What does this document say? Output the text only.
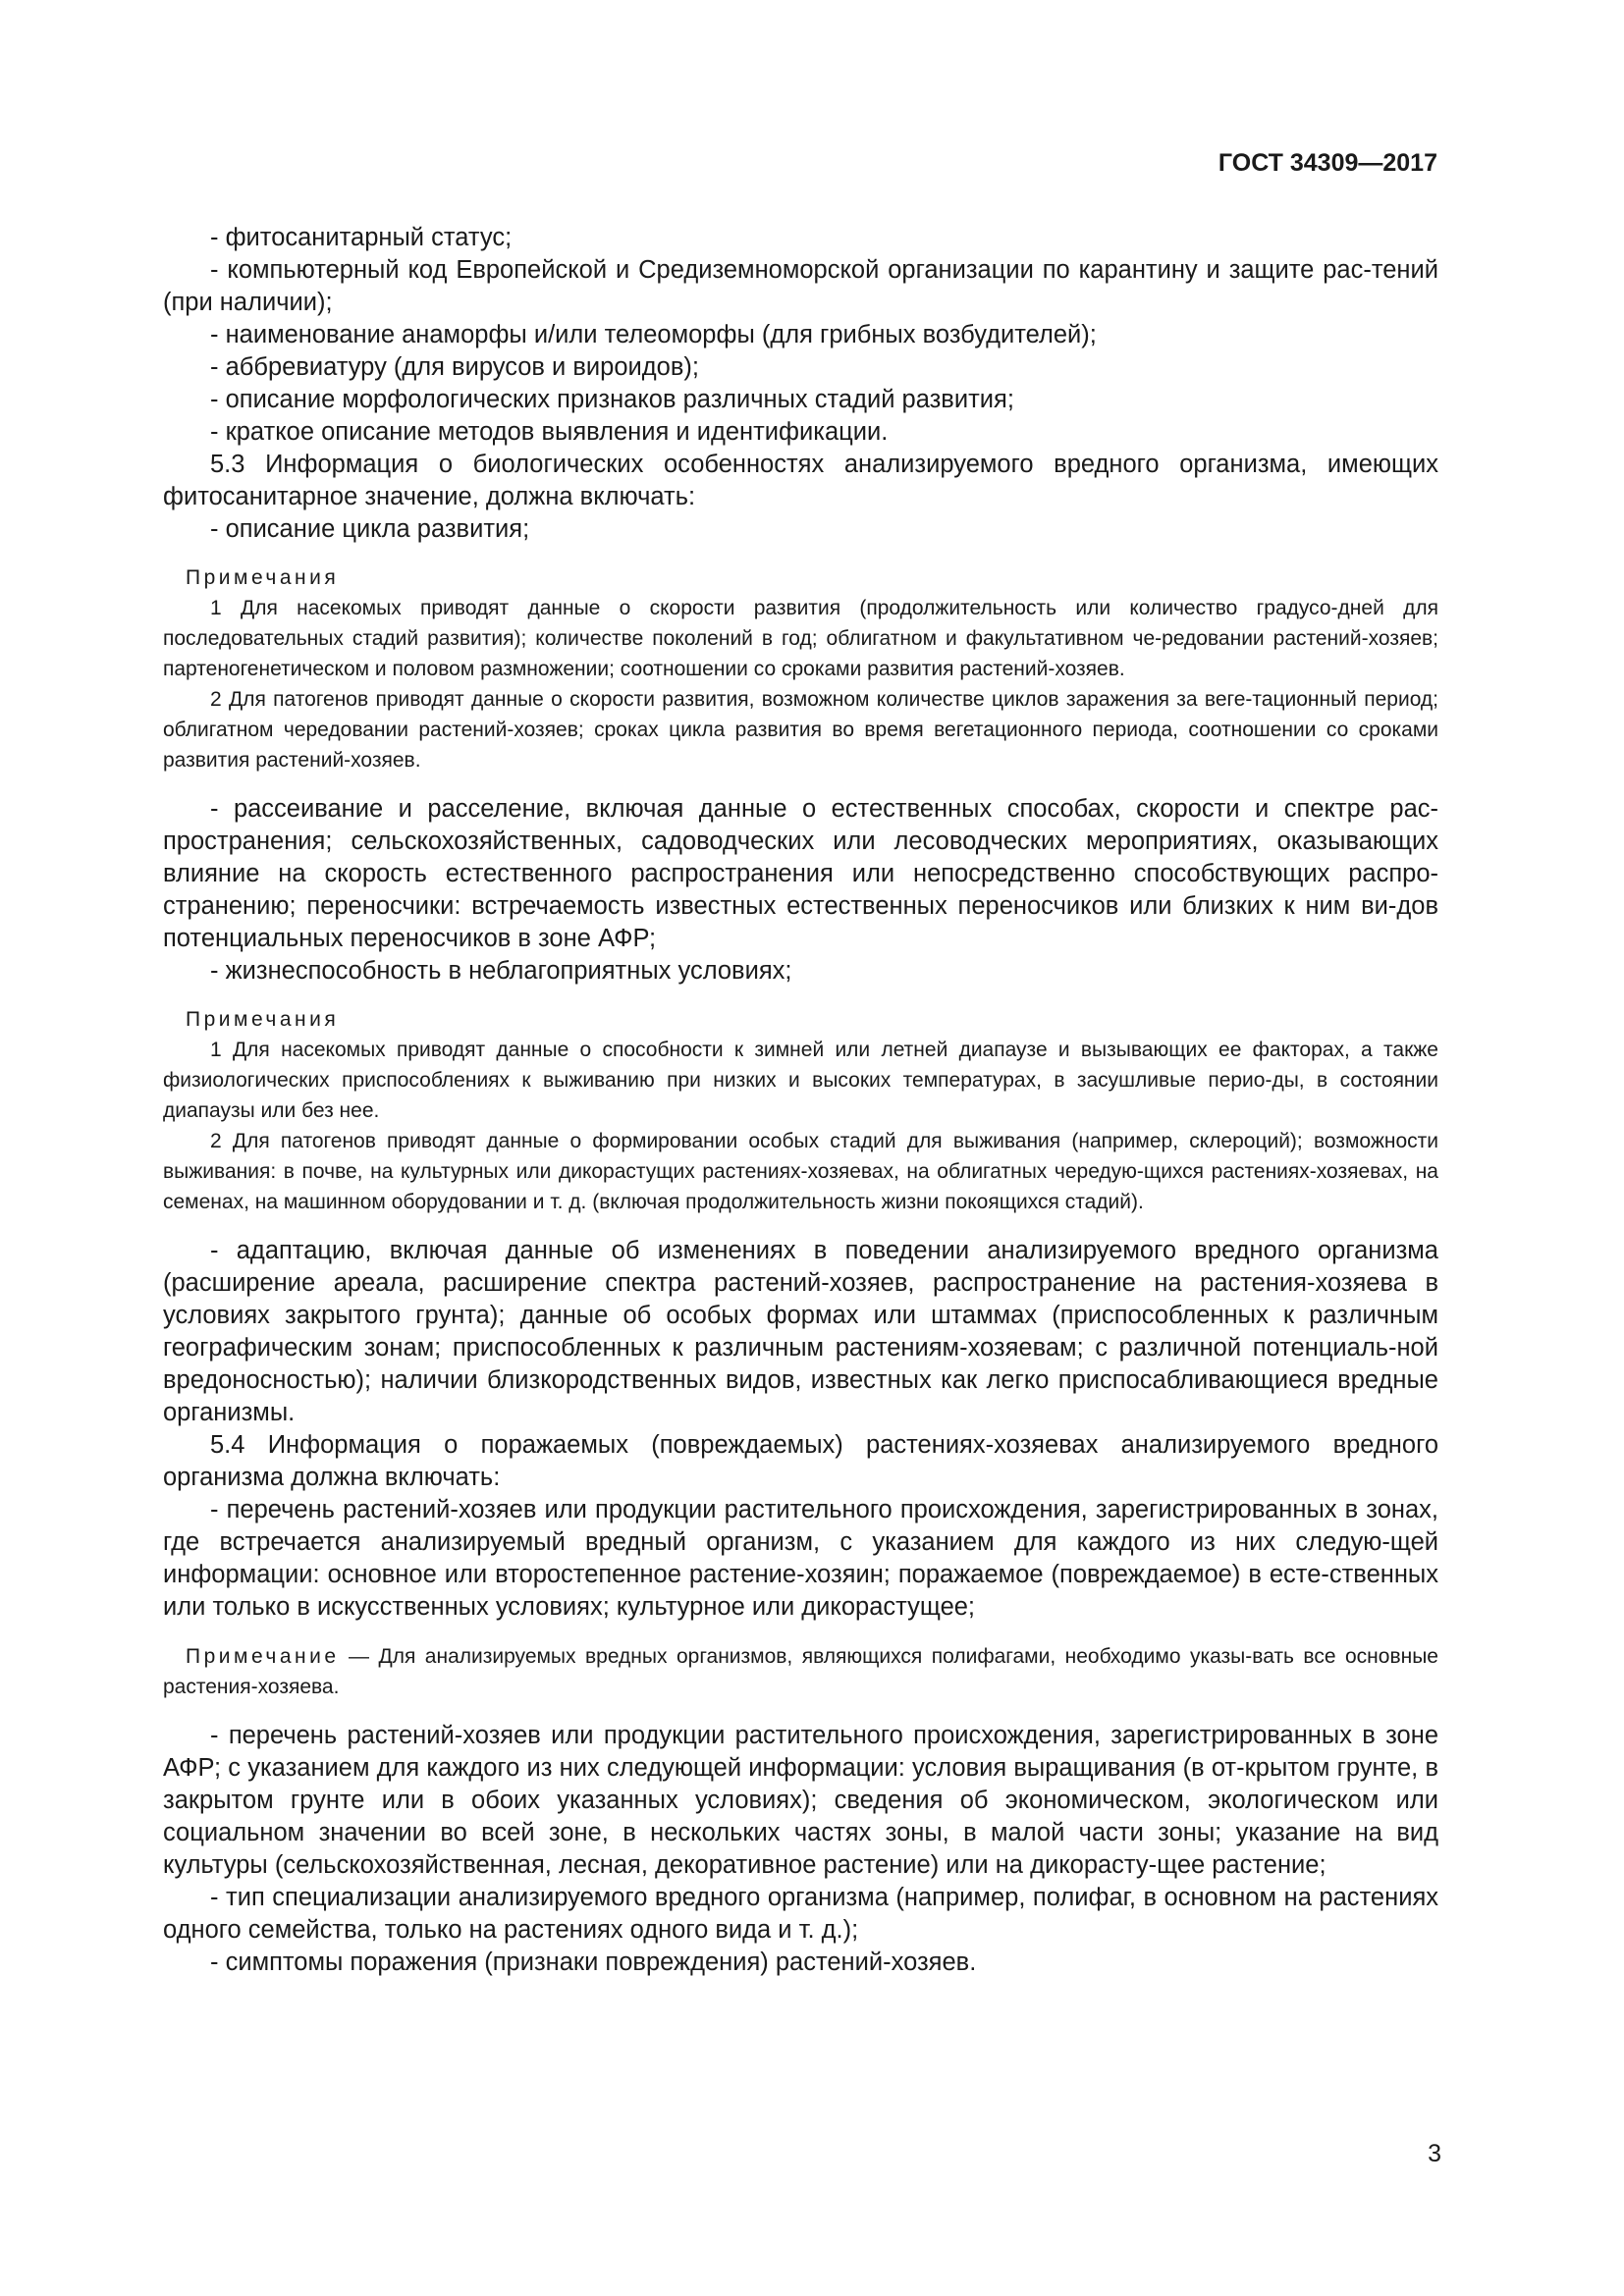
ГОСТ 34309—2017

- фитосанитарный статус;

- компьютерный код Европейской и Средиземноморской организации по карантину и защите рас-тений (при наличии);

- наименование анаморфы и/или телеоморфы (для грибных возбудителей);

- аббревиатуру (для вирусов и вироидов);

- описание морфологических признаков различных стадий развития;

- краткое описание методов выявления и идентификации.

5.3 Информация о биологических особенностях анализируемого вредного организма, имеющих фитосанитарное значение, должна включать:

- описание цикла развития;

Примечания

1 Для насекомых приводят данные о скорости развития (продолжительность или количество градусо-дней для последовательных стадий развития); количестве поколений в год; облигатном и факультативном че-редовании растений-хозяев; партеногенетическом и половом размножении; соотношении со сроками развития растений-хозяев.

2 Для патогенов приводят данные о скорости развития, возможном количестве циклов заражения за веге-тационный период; облигатном чередовании растений-хозяев; сроках цикла развития во время вегетационного периода, соотношении со сроками развития растений-хозяев.

- рассеивание и расселение, включая данные о естественных способах, скорости и спектре рас-пространения; сельскохозяйственных, садоводческих или лесоводческих мероприятиях, оказывающих влияние на скорость естественного распространения или непосредственно способствующих распро-странению; переносчики: встречаемость известных естественных переносчиков или близких к ним ви-дов потенциальных переносчиков в зоне АФР;

- жизнеспособность в неблагоприятных условиях;

Примечания

1 Для насекомых приводят данные о способности к зимней или летней диапаузе и вызывающих ее факторах, а также физиологических приспособлениях к выживанию при низких и высоких температурах, в засушливые перио-ды, в состоянии диапаузы или без нее.

2 Для патогенов приводят данные о формировании особых стадий для выживания (например, склероций); возможности выживания: в почве, на культурных или дикорастущих растениях-хозяевах, на облигатных чередую-щихся растениях-хозяевах, на семенах, на машинном оборудовании и т. д. (включая продолжительность жизни покоящихся стадий).

- адаптацию, включая данные об изменениях в поведении анализируемого вредного организма (расширение ареала, расширение спектра растений-хозяев, распространение на растения-хозяева в условиях закрытого грунта); данные об особых формах или штаммах (приспособленных к различным географическим зонам; приспособленных к различным растениям-хозяевам; с различной потенциаль-ной вредоносностью); наличии близкородственных видов, известных как легко приспосабливающиеся вредные организмы.

5.4 Информация о поражаемых (повреждаемых) растениях-хозяевах анализируемого вредного организма должна включать:

- перечень растений-хозяев или продукции растительного происхождения, зарегистрированных в зонах, где встречается анализируемый вредный организм, с указанием для каждого из них следую-щей информации: основное или второстепенное растение-хозяин; поражаемое (повреждаемое) в есте-ственных или только в искусственных условиях; культурное или дикорастущее;

Примечание — Для анализируемых вредных организмов, являющихся полифагами, необходимо указы-вать все основные растения-хозяева.

- перечень растений-хозяев или продукции растительного происхождения, зарегистрированных в зоне АФР; с указанием для каждого из них следующей информации: условия выращивания (в от-крытом грунте, в закрытом грунте или в обоих указанных условиях); сведения об экономическом, экологическом или социальном значении во всей зоне, в нескольких частях зоны, в малой части зоны; указание на вид культуры (сельскохозяйственная, лесная, декоративное растение) или на дикорасту-щее растение;

- тип специализации анализируемого вредного организма (например, полифаг, в основном на растениях одного семейства, только на растениях одного вида и т. д.);

- симптомы поражения (признаки повреждения) растений-хозяев.

3
